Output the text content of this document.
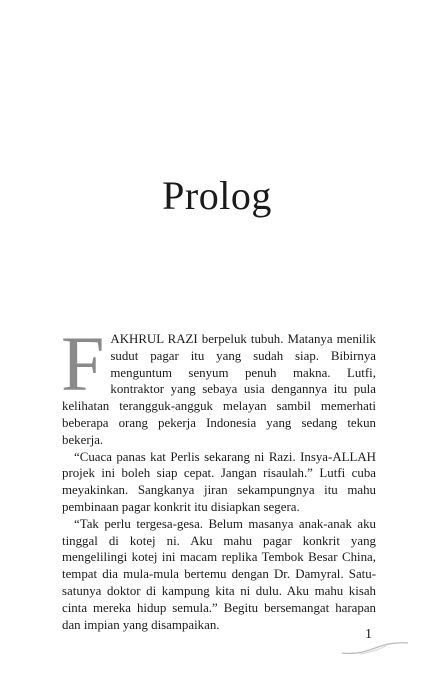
Prolog

FAKHRUL RAZI berpeluk tubuh. Matanya menilik sudut pagar itu yang sudah siap. Bibirnya menguntum senyum penuh makna. Lutfi, kontraktor yang sebaya usia dengannya itu pula kelihatan terangguk-angguk melayan sambil memerhati beberapa orang pekerja Indonesia yang sedang tekun bekerja.

“Cuaca panas kat Perlis sekarang ni Razi. Insya-ALLAH projek ini boleh siap cepat. Jangan risaulah.” Lutfi cuba meyakinkan. Sangkanya jiran sekampungnya itu mahu pembinaan pagar konkrit itu disiapkan segera.

“Tak perlu tergesa-gesa. Belum masanya anak-anak aku tinggal di kotej ni. Aku mahu pagar konkrit yang mengelilingi kotej ini macam replika Tembok Besar China, tempat dia mula-mula bertemu dengan Dr. Damyral. Satu-satunya doktor di kampung kita ni dulu. Aku mahu kisah cinta mereka hidup semula.” Begitu bersemangat harapan dan impian yang disampaikan.

1
